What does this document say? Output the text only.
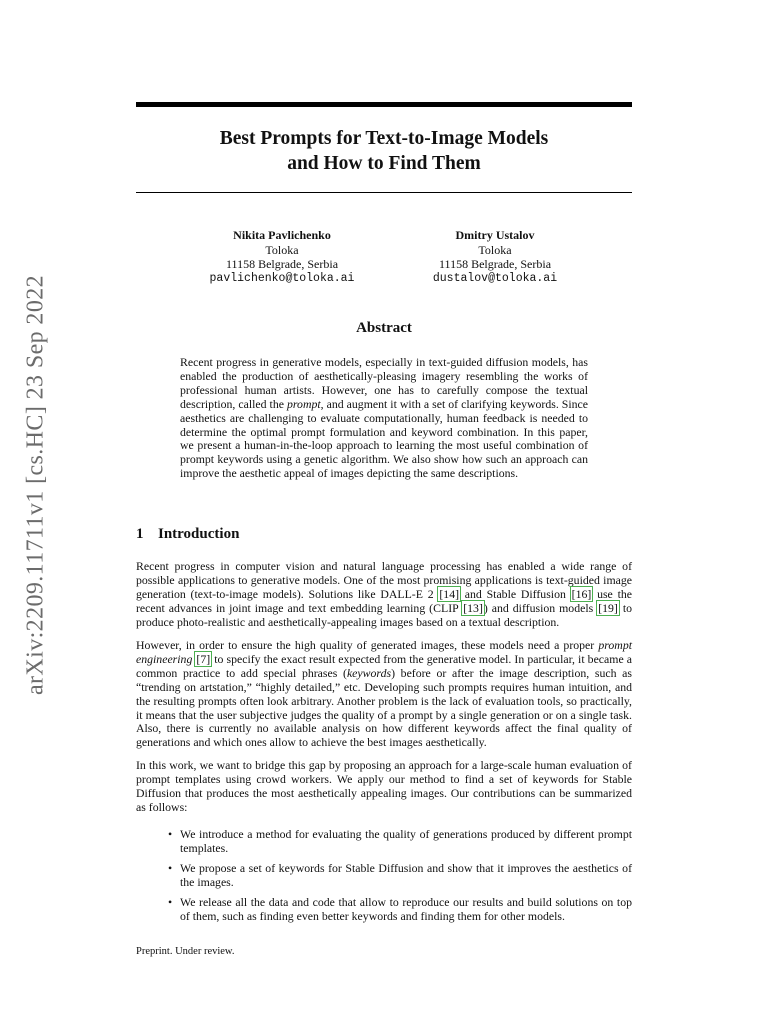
arXiv:2209.11711v1 [cs.HC] 23 Sep 2022
Best Prompts for Text-to-Image Models
and How to Find Them
Nikita Pavlichenko
Toloka
11158 Belgrade, Serbia
pavlichenko@toloka.ai
Dmitry Ustalov
Toloka
11158 Belgrade, Serbia
dustalov@toloka.ai
Abstract

Recent progress in generative models, especially in text-guided diffusion models, has enabled the production of aesthetically-pleasing imagery resembling the works of professional human artists. However, one has to carefully compose the textual description, called the prompt, and augment it with a set of clarifying keywords. Since aesthetics are challenging to evaluate computationally, human feedback is needed to determine the optimal prompt formulation and keyword combination. In this paper, we present a human-in-the-loop approach to learning the most useful combination of prompt keywords using a genetic algorithm. We also show how such an approach can improve the aesthetic appeal of images depicting the same descriptions.

1 Introduction

Recent progress in computer vision and natural language processing has enabled a wide range of possible applications to generative models. One of the most promising applications is text-guided image generation (text-to-image models). Solutions like DALL-E 2 [14] and Stable Diffusion [16] use the recent advances in joint image and text embedding learning (CLIP [13]) and diffusion models [19] to produce photo-realistic and aesthetically-appealing images based on a textual description.

However, in order to ensure the high quality of generated images, these models need a proper prompt engineering [7] to specify the exact result expected from the generative model. In particular, it became a common practice to add special phrases (keywords) before or after the image description, such as “trending on artstation,” “highly detailed,” etc. Developing such prompts requires human intuition, and the resulting prompts often look arbitrary. Another problem is the lack of evaluation tools, so practically, it means that the user subjective judges the quality of a prompt by a single generation or on a single task. Also, there is currently no available analysis on how different keywords affect the final quality of generations and which ones allow to achieve the best images aesthetically.

In this work, we want to bridge this gap by proposing an approach for a large-scale human evaluation of prompt templates using crowd workers. We apply our method to find a set of keywords for Stable Diffusion that produces the most aesthetically appealing images. Our contributions can be summarized as follows:

• We introduce a method for evaluating the quality of generations produced by different prompt templates.
• We propose a set of keywords for Stable Diffusion and show that it improves the aesthetics of the images.
• We release all the data and code that allow to reproduce our results and build solutions on top of them, such as finding even better keywords and finding them for other models.

Preprint. Under review.
